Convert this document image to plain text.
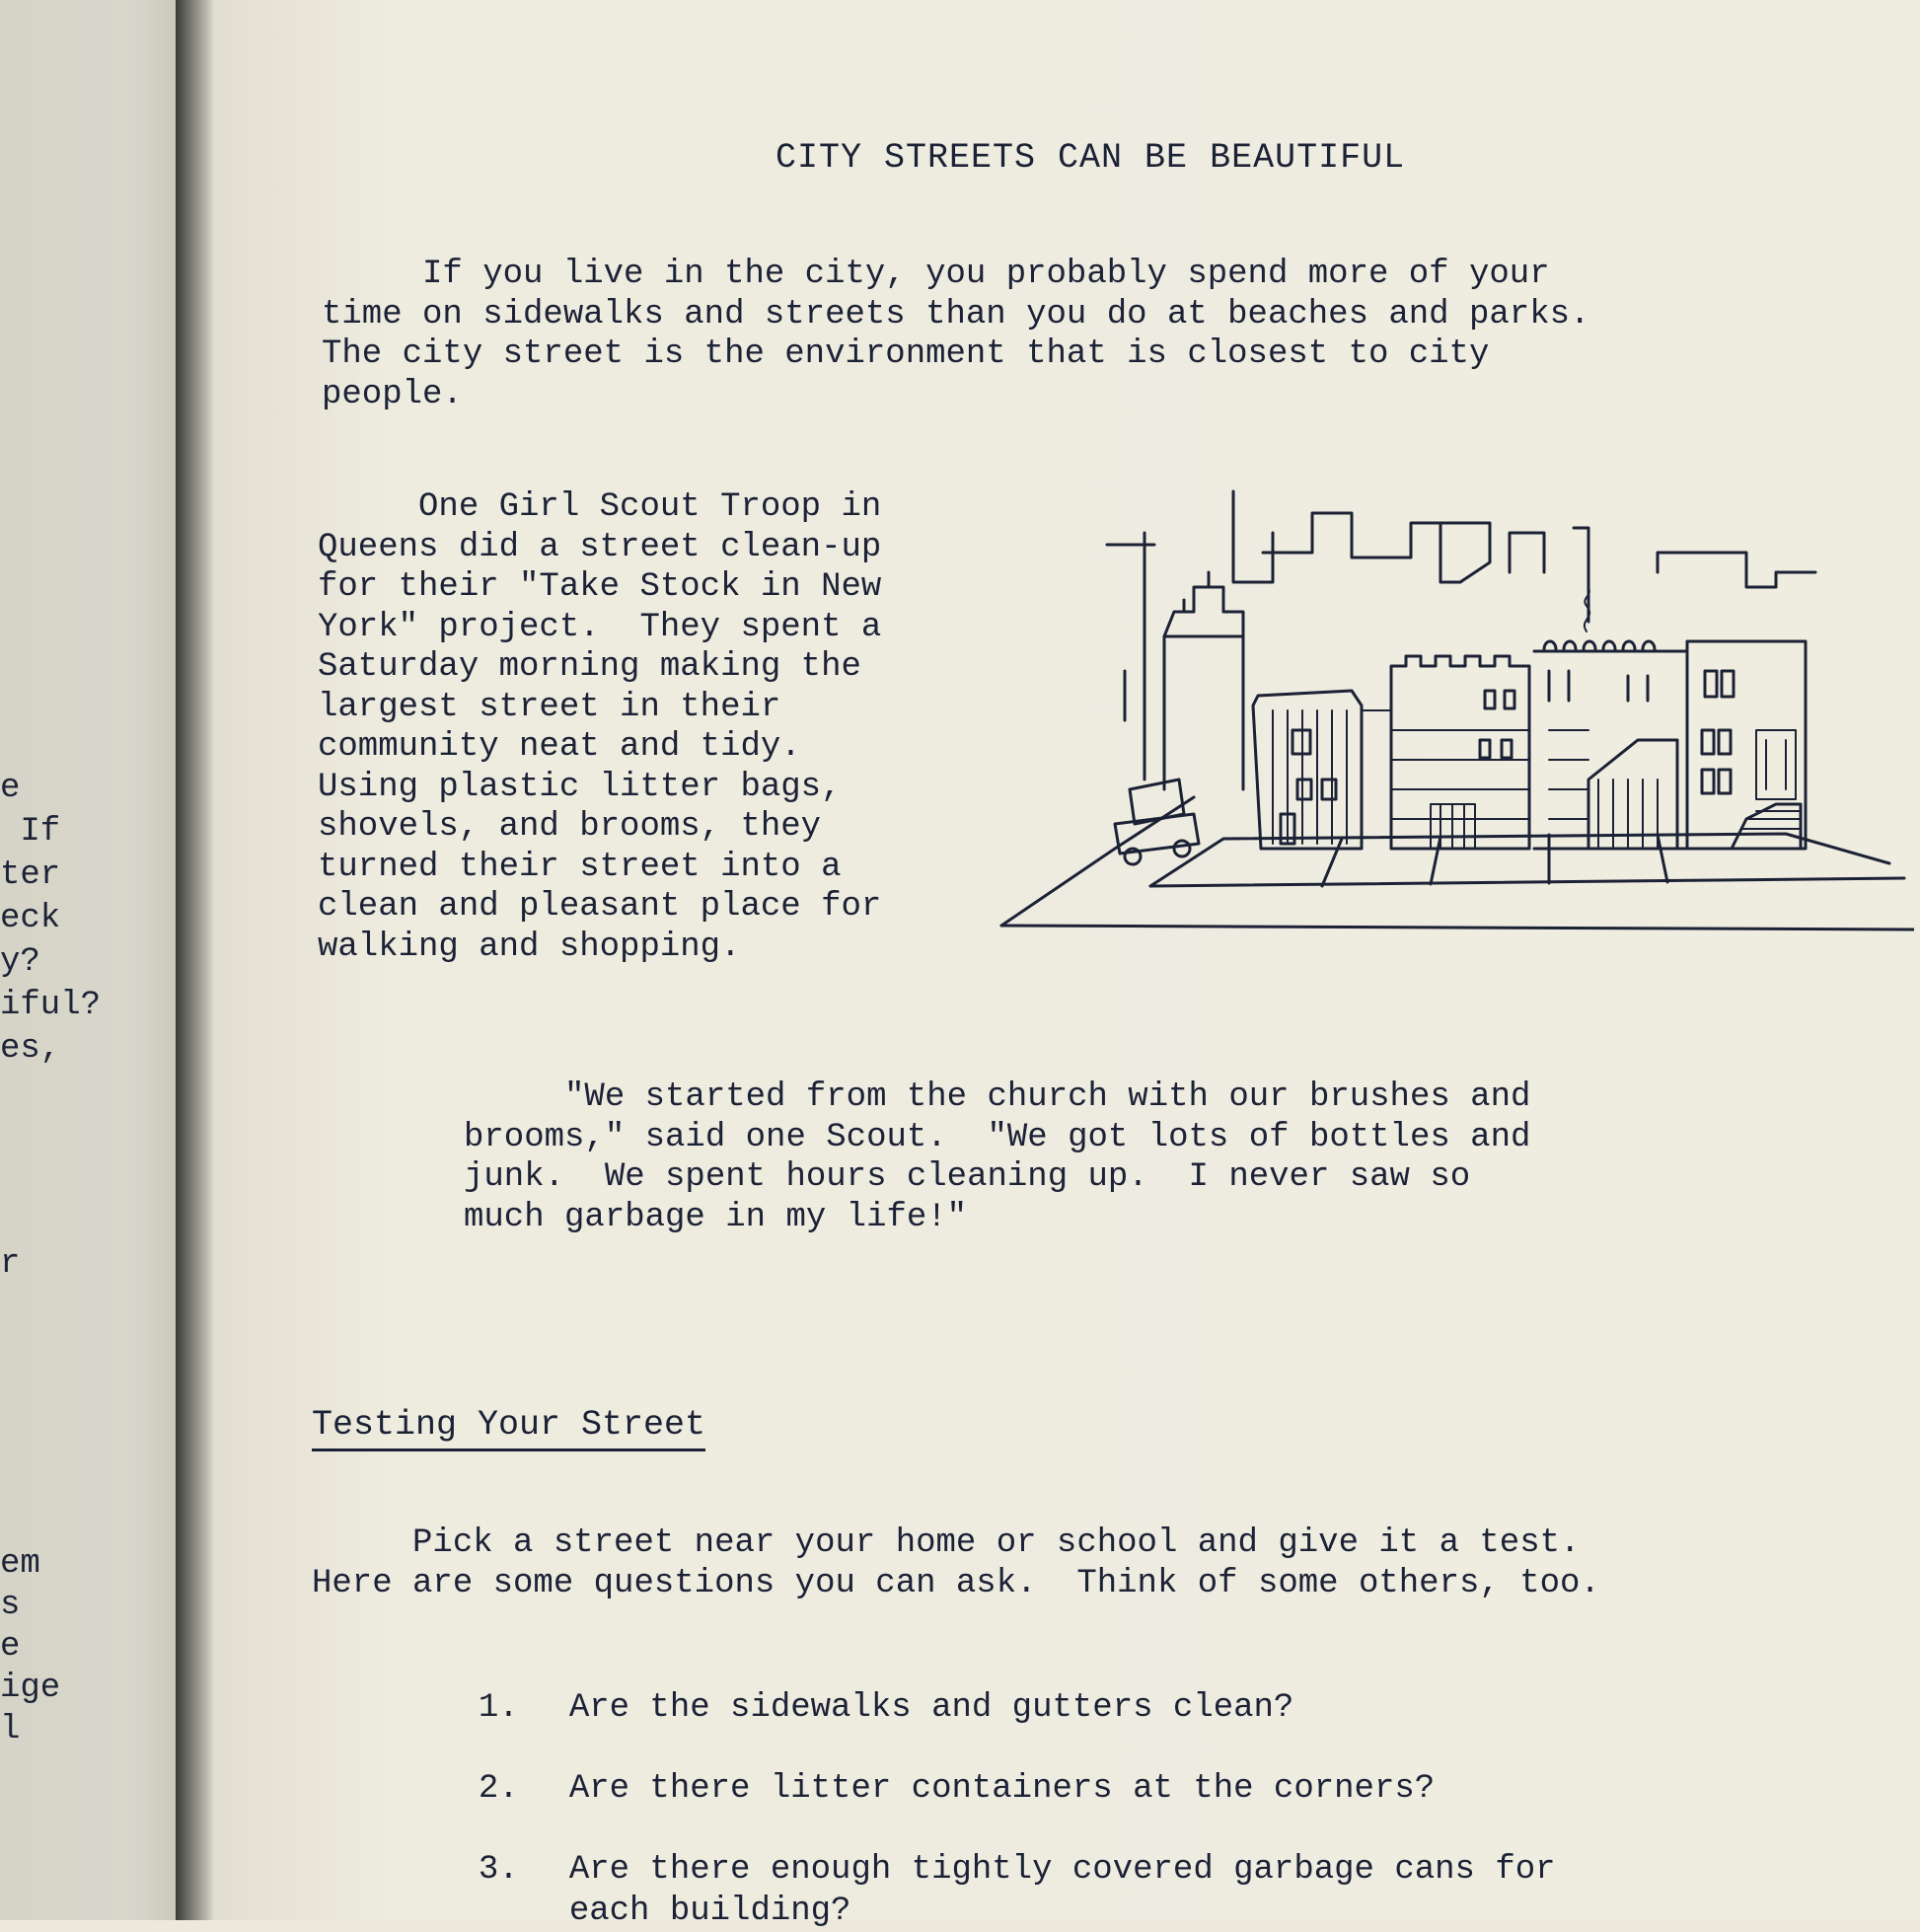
e
If
ter
eck
y?
iful?
es,
r
em
s
e
ige
l
CITY STREETS CAN BE BEAUTIFUL
If you live in the city, you probably spend more of your
time on sidewalks and streets than you do at beaches and parks.
The city street is the environment that is closest to city
people.
One Girl Scout Troop in
Queens did a street clean-up
for their "Take Stock in New
York" project.  They spent a
Saturday morning making the
largest street in their
community neat and tidy.
Using plastic litter bags,
shovels, and brooms, they
turned their street into a
clean and pleasant place for
walking and shopping.
"We started from the church with our brushes and
brooms," said one Scout.  "We got lots of bottles and
junk.  We spent hours cleaning up.  I never saw so
much garbage in my life!"
Testing Your Street
Pick a street near your home or school and give it a test.
Here are some questions you can ask.  Think of some others, too.

1. Are the sidewalks and gutters clean?

2. Are there litter containers at the corners?

3. Are there enough tightly covered garbage cans for
each building?
